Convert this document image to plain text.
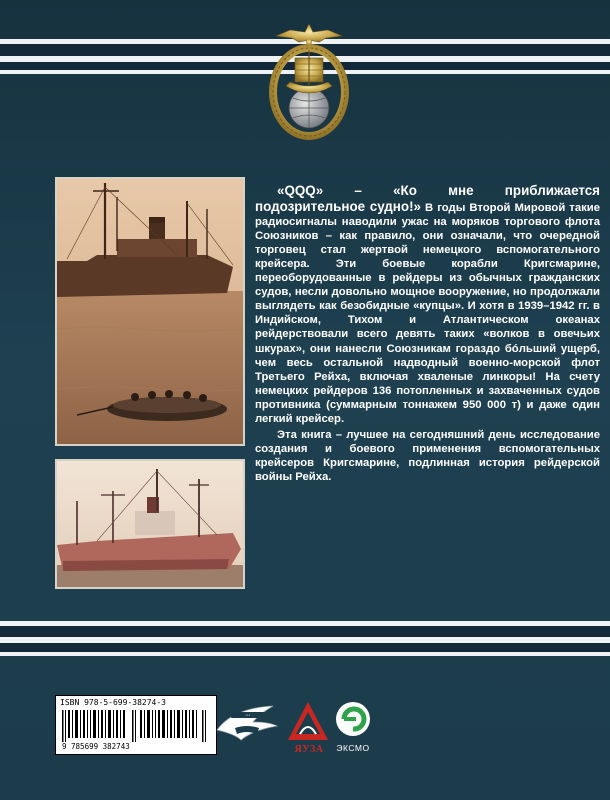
«QQQ» – «Ко мне приближается подозрительное судно!» В годы Второй Мировой такие радиосигналы наводили ужас на моряков торгового флота Союзников – как правило, они означали, что очередной торговец стал жертвой немецкого вспомогательного крейсера. Эти боевые корабли Кригсмарине, переоборудованные в рейдеры из обычных гражданских судов, несли довольно мощное вооружение, но продолжали выглядеть как безобидные «купцы». И хотя в 1939–1942 гг. в Индийском, Тихом и Атлантическом океанах рейдерствовали всего девять таких «волков в овечьих шкурах», они нанесли Союзникам гораздо бóльший ущерб, чем весь остальной надводный военно-морской флот Третьего Рейха, включая хваленые линкоры! На счету немецких рейдеров 136 потопленных и захваченных судов противника (суммарным тоннажем 950 000 т) и даже один легкий крейсер.

Эта книга – лучшее на сегодняшний день исследование создания и боевого применения вспомогательных крейсеров Кригсмарине, подлинная история рейдерской войны Рейха.

ISBN 978-5-699-38274-3
9 785699 382743
···
ЯУЗА	ЭКСМО
